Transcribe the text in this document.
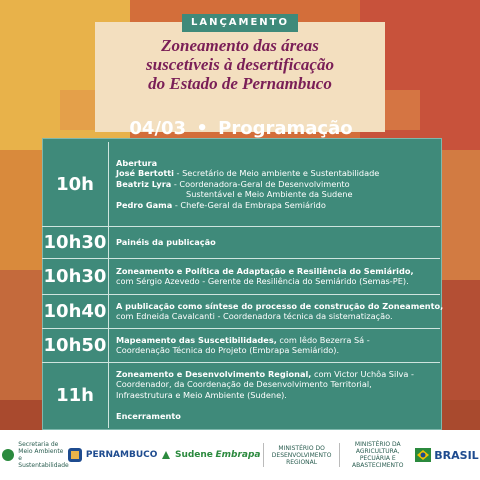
LANÇAMENTO
Zoneamento das áreas
suscetíveis à desertificação
do Estado de Pernambuco
04/03 • Programação
10h
Abertura
José Bertotti - Secretário de Meio ambiente e Sustentabilidade
Beatriz Lyra - Coordenadora-Geral de Desenvolvimento
Sustentável e Meio Ambiente da Sudene
Pedro Gama - Chefe-Geral da Embrapa Semiárido
10h30 Painéis da publicação
10h30 Zoneamento e Política de Adaptação e Resiliência do Semiárido,
com Sérgio Azevedo - Gerente de Resiliência do Semiárido (Semas-PE).
10h40 A publicação como síntese do processo de construção do Zoneamento,
com Edneida Cavalcanti - Coordenadora técnica da sistematização.
10h50 Mapeamento das Suscetibilidades, com Iêdo Bezerra Sá -
Coordenação Técnica do Projeto (Embrapa Semiárido).
11h
Zoneamento e Desenvolvimento Regional, com Victor Uchôa Silva -
Coordenador, da Coordenação de Desenvolvimento Territorial,
Infraestrutura e Meio Ambiente (Sudene).

Encerramento
Secretaria de Meio Ambiente e Sustentabilidade
PERNAMBUCO Sudene Embrapa
MINISTÉRIO DO DESENVOLVIMENTO REGIONAL
MINISTÉRIO DA AGRICULTURA, PECUÁRIA E ABASTECIMENTO
BRASIL
